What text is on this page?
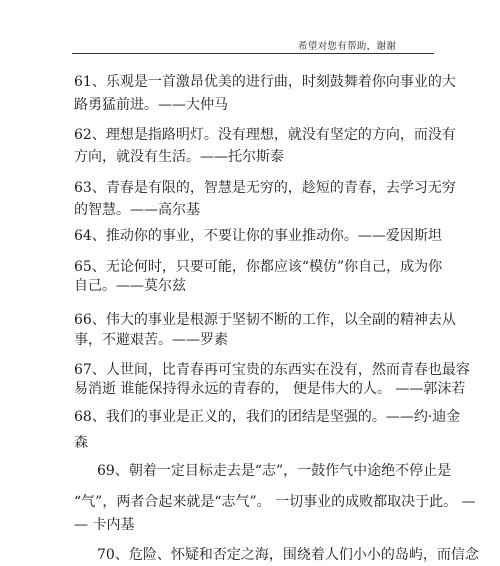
希望对您有帮助，谢谢
61、乐观是一首激昂优美的进行曲，时刻鼓舞着你向事业的大
路勇猛前进。——大仲马
62、理想是指路明灯。没有理想，就没有坚定的方向，而没有
方向，就没有生活。——托尔斯泰
63、青春是有限的，智慧是无穷的，趁短的青春，去学习无穷
的智慧。——高尔基
64、推动你的事业，不要让你的事业推动你。——爱因斯坦
65、无论何时，只要可能，你都应该“模仿”你自己，成为你
自己。——莫尔兹
66、伟大的事业是根源于坚韧不断的工作，以全副的精神去从
事，不避艰苦。——罗素
67、人世间，比青春再可宝贵的东西实在没有，然而青春也最容
易消逝 谁能保持得永远的青春的， 便是伟大的人。 ——郭沫若
68、我们的事业是正义的，我们的团结是坚强的。——约·迪金
森
69、朝着一定目标走去是“志”，一鼓作气中途绝不停止是
“气”，两者合起来就是“志气”。 一切事业的成败都取决于此。 —
— 卡内基
70、危险、怀疑和否定之海，围绕着人们小小的岛屿，而信念
